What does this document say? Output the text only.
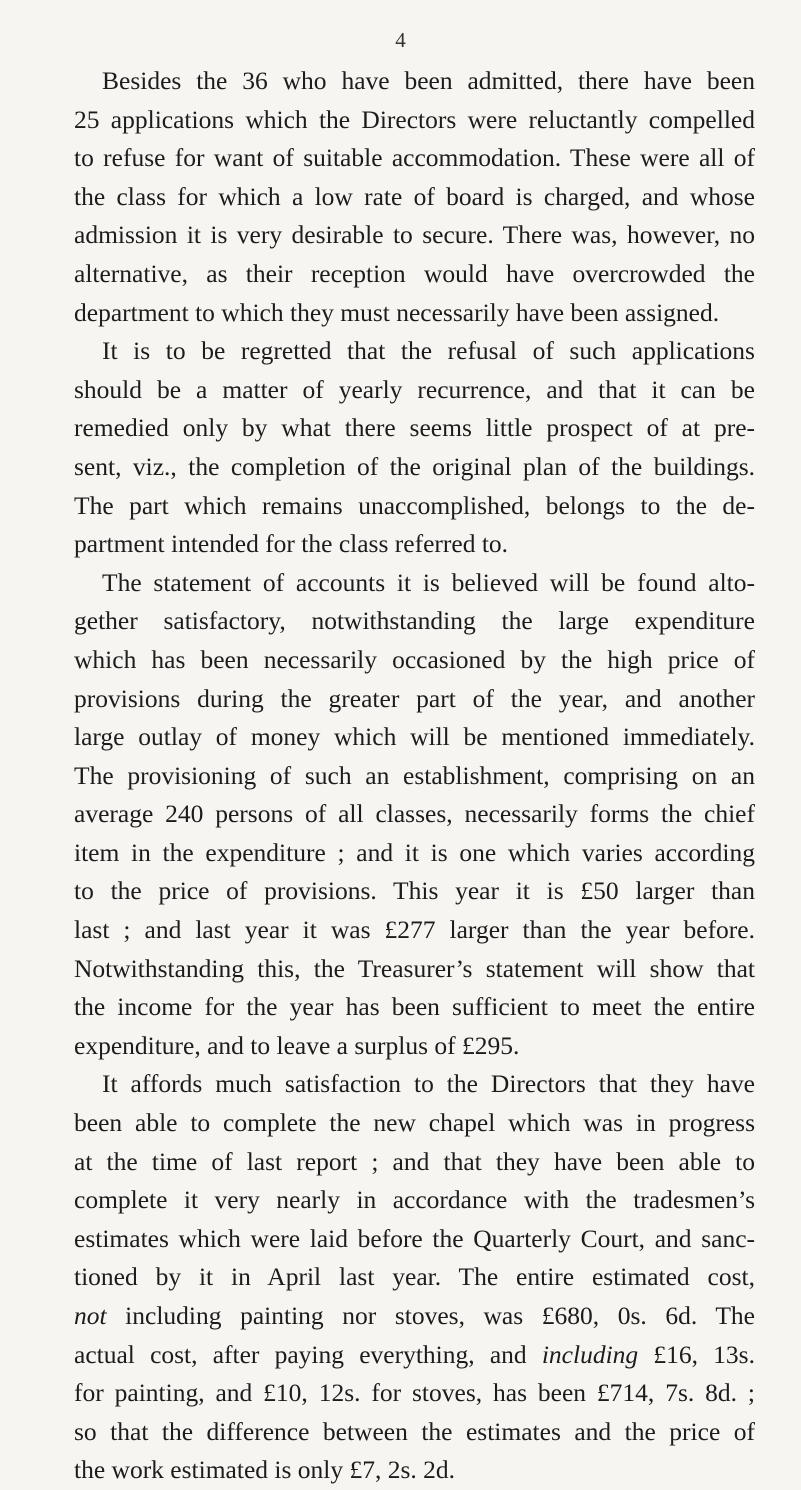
4
Besides the 36 who have been admitted, there have been
25 applications which the Directors were reluctantly compelled
to refuse for want of suitable accommodation. These were all of
the class for which a low rate of board is charged, and whose
admission it is very desirable to secure. There was, however, no
alternative, as their reception would have overcrowded the
department to which they must necessarily have been assigned.
It is to be regretted that the refusal of such applications
should be a matter of yearly recurrence, and that it can be
remedied only by what there seems little prospect of at pre-
sent, viz., the completion of the original plan of the buildings.
The part which remains unaccomplished, belongs to the de-
partment intended for the class referred to.
The statement of accounts it is believed will be found alto-
gether satisfactory, notwithstanding the large expenditure
which has been necessarily occasioned by the high price of
provisions during the greater part of the year, and another
large outlay of money which will be mentioned immediately.
The provisioning of such an establishment, comprising on an
average 240 persons of all classes, necessarily forms the chief
item in the expenditure ; and it is one which varies according
to the price of provisions. This year it is £50 larger than
last ; and last year it was £277 larger than the year before.
Notwithstanding this, the Treasurer’s statement will show that
the income for the year has been sufficient to meet the entire
expenditure, and to leave a surplus of £295.
It affords much satisfaction to the Directors that they have
been able to complete the new chapel which was in progress
at the time of last report ; and that they have been able to
complete it very nearly in accordance with the tradesmen’s
estimates which were laid before the Quarterly Court, and sanc-
tioned by it in April last year. The entire estimated cost,
not including painting nor stoves, was £680, 0s. 6d. The
actual cost, after paying everything, and including £16, 13s.
for painting, and £10, 12s. for stoves, has been £714, 7s. 8d. ;
so that the difference between the estimates and the price of
the work estimated is only £7, 2s. 2d.
